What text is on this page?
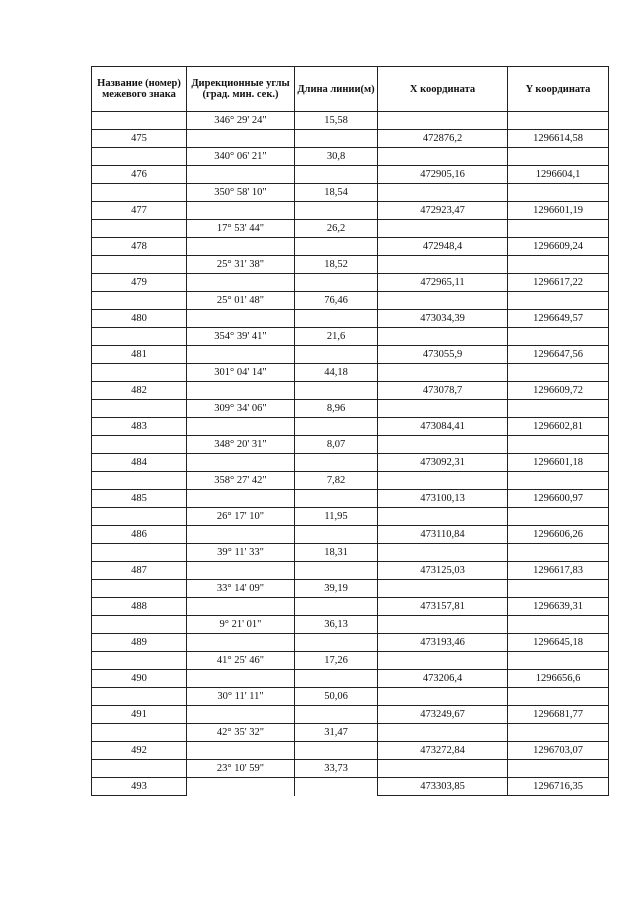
Название (номер) межевого знака	Дирекционные углы (град. мин. сек.)	Длина линии(м)	X координата	Y координата
	346° 29' 24"	15,58		
475			472876,2	1296614,58
	340° 06' 21"	30,8		
476			472905,16	1296604,1
	350° 58' 10"	18,54		
477			472923,47	1296601,19
	17° 53' 44"	26,2		
478			472948,4	1296609,24
	25° 31' 38"	18,52		
479			472965,11	1296617,22
	25° 01' 48"	76,46		
480			473034,39	1296649,57
	354° 39' 41"	21,6		
481			473055,9	1296647,56
	301° 04' 14"	44,18		
482			473078,7	1296609,72
	309° 34' 06"	8,96		
483			473084,41	1296602,81
	348° 20' 31"	8,07		
484			473092,31	1296601,18
	358° 27' 42"	7,82		
485			473100,13	1296600,97
	26° 17' 10"	11,95		
486			473110,84	1296606,26
	39° 11' 33"	18,31		
487			473125,03	1296617,83
	33° 14' 09"	39,19		
488			473157,81	1296639,31
	9° 21' 01"	36,13		
489			473193,46	1296645,18
	41° 25' 46"	17,26		
490			473206,4	1296656,6
	30° 11' 11"	50,06		
491			473249,67	1296681,77
	42° 35' 32"	31,47		
492			473272,84	1296703,07
	23° 10' 59"	33,73		
493			473303,85	1296716,35
